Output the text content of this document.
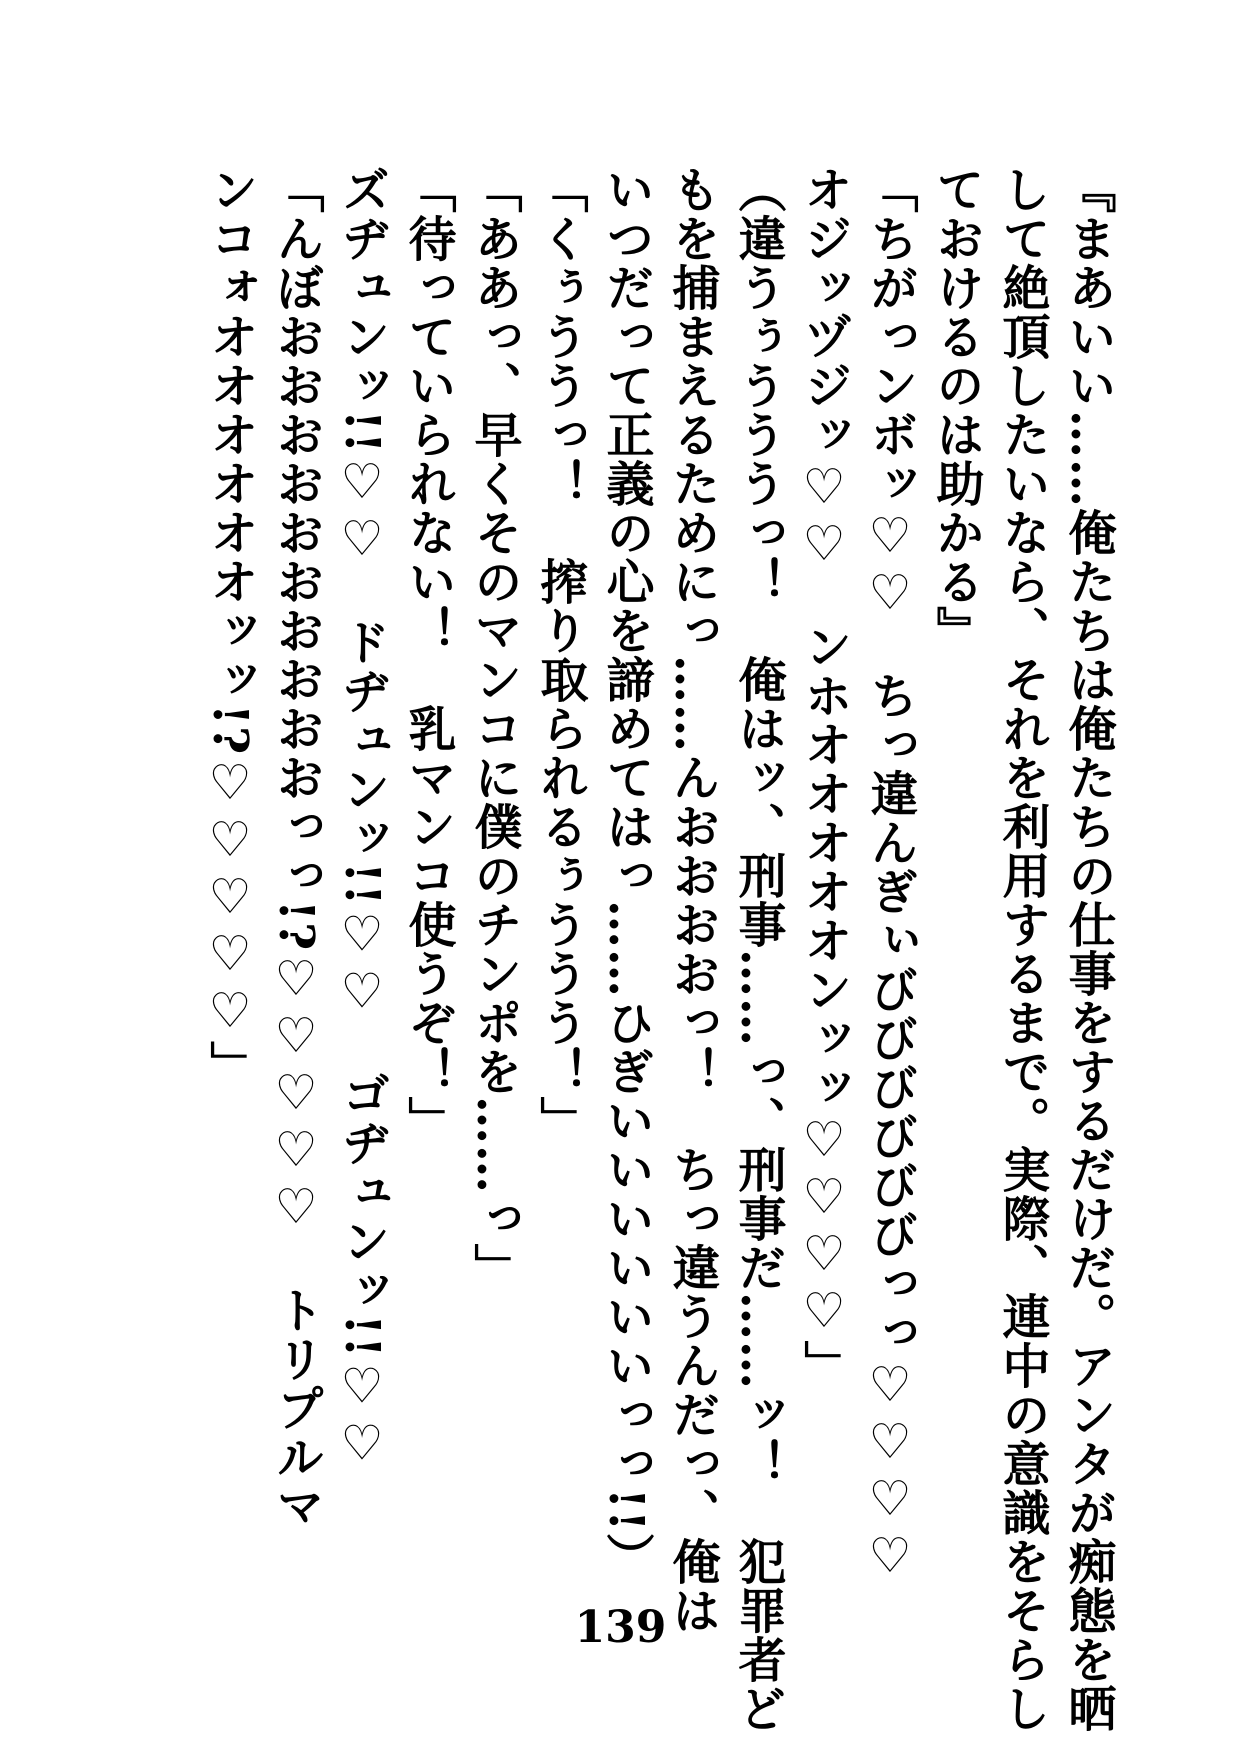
『まあいい……俺たちは俺たちの仕事をするだけだ。アンタが痴態を晒
して絶頂したいなら、それを利用するまで。実際、連中の意識をそらし
ておけるのは助かる』
「ちがっンボッ♡♡　ちっ違んぎぃびびびびびびっっ♡♡♡♡
オジッヅジッ♡♡　ンホオオオオオンッッ♡♡♡♡」
（違うぅうううっ！　俺はッ、刑事……っ、刑事だ……ッ！　犯罪者ど
もを捕まえるためにっ……んおおおおっ！　ちっ違うんだっ、俺は
いつだって正義の心を諦めてはっ……ひぎいいいいいいっっ!!）
「くぅううっ！　搾り取られるぅううう！」
「ああっ、早くそのマンコに僕のチンポを……っ」
「待っていられない！　乳マンコ使うぞ！」
ズヂュンッ!!♡♡　ドヂュンッ!!♡♡　ゴヂュンッ!!♡♡
「んぼおおおおおおおおおおっっ!?♡♡♡♡♡　トリプルマ
ンコォオオオオオオッッ!?♡♡♡♡♡」
139
